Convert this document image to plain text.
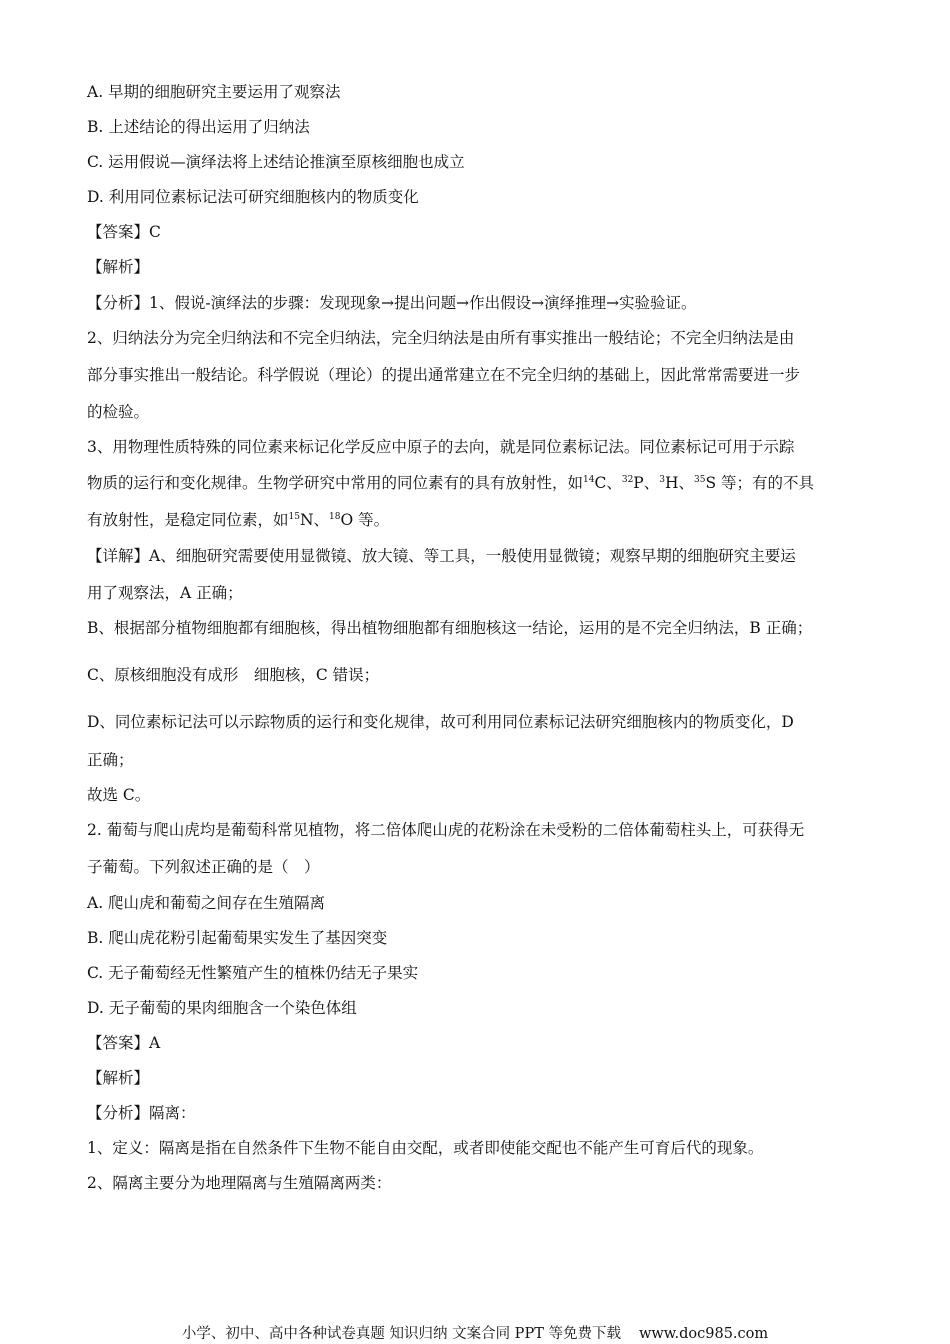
A. 早期的细胞研究主要运用了观察法
B. 上述结论的得出运用了归纳法
C. 运用假说—演绎法将上述结论推演至原核细胞也成立
D. 利用同位素标记法可研究细胞核内的物质变化
【答案】C
【解析】
【分析】1、假说-演绎法的步骤：发现现象→提出问题→作出假设→演绎推理→实验验证。
2、归纳法分为完全归纳法和不完全归纳法，完全归纳法是由所有事实推出一般结论；不完全归纳法是由
部分事实推出一般结论。科学假说（理论）的提出通常建立在不完全归纳的基础上，因此常常需要进一步
的检验。
3、用物理性质特殊的同位素来标记化学反应中原子的去向，就是同位素标记法。同位素标记可用于示踪
物质的运行和变化规律。生物学研究中常用的同位素有的具有放射性，如$^{14}$C、$^{32}$P、$^3$H、$^{35}$S 等；有的不具
有放射性，是稳定同位素，如$^{15}$N、$^{18}$O 等。
【详解】A、细胞研究需要使用显微镜、放大镜、等工具，一般使用显微镜；观察早期的细胞研究主要运
用了观察法，A 正确；
B、根据部分植物细胞都有细胞核，得出植物细胞都有细胞核这一结论，运用的是不完全归纳法，B 正确；
C、原核细胞没有成形　细胞核，C 错误；
D、同位素标记法可以示踪物质的运行和变化规律，故可利用同位素标记法研究细胞核内的物质变化，D
正确；
故选 C。
2. 葡萄与爬山虎均是葡萄科常见植物，将二倍体爬山虎的花粉涂在未受粉的二倍体葡萄柱头上，可获得无
子葡萄。下列叙述正确的是（　）
A. 爬山虎和葡萄之间存在生殖隔离
B. 爬山虎花粉引起葡萄果实发生了基因突变
C. 无子葡萄经无性繁殖产生的植株仍结无子果实
D. 无子葡萄的果肉细胞含一个染色体组
【答案】A
【解析】
【分析】隔离：
1、定义：隔离是指在自然条件下生物不能自由交配，或者即使能交配也不能产生可育后代的现象。
2、隔离主要分为地理隔离与生殖隔离两类：
小学、初中、高中各种试卷真题 知识归纳 文案合同 PPT 等免费下载 www.doc985.com
